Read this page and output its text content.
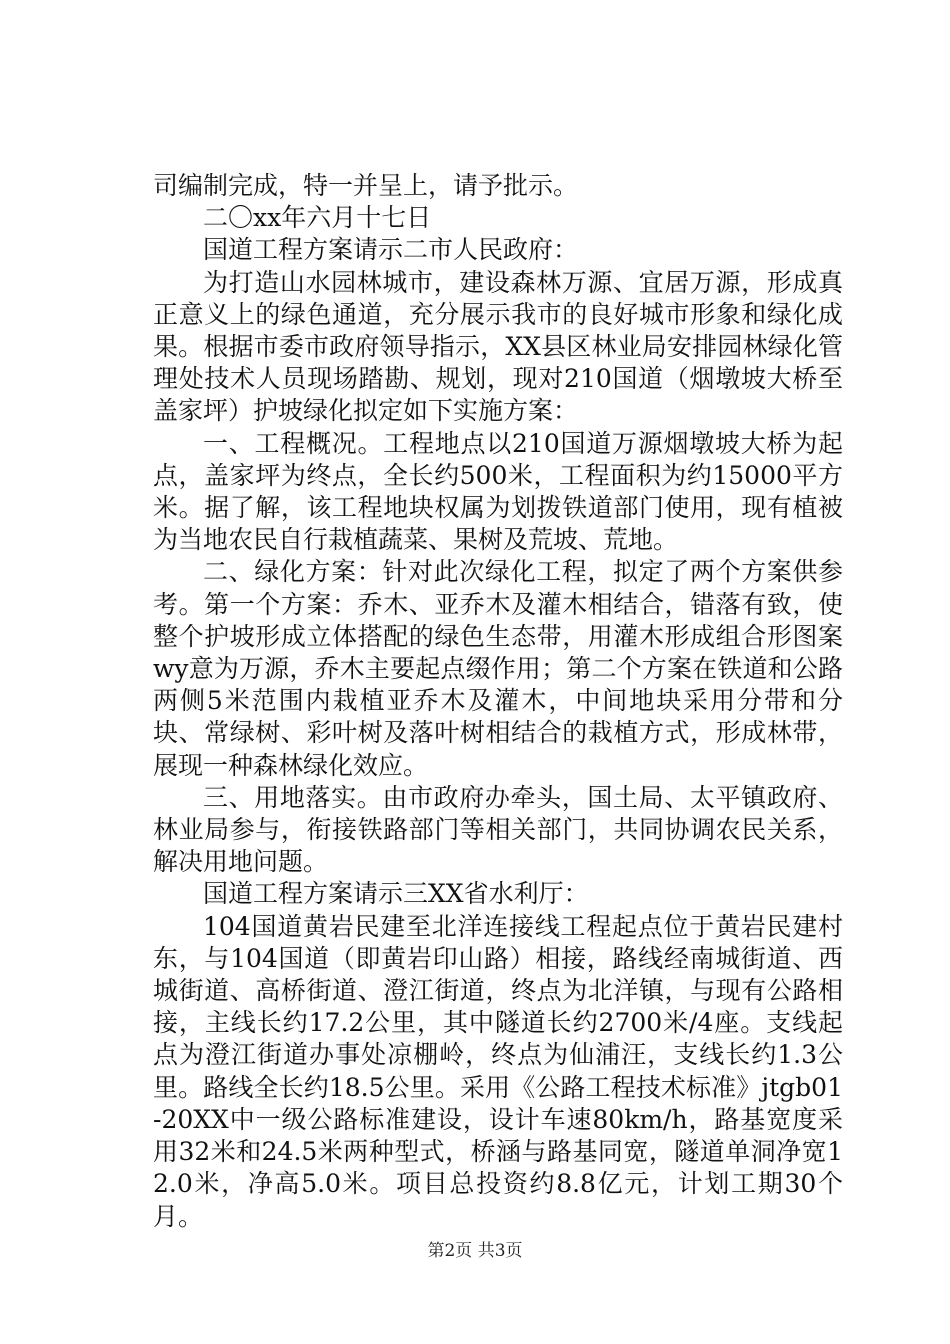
司编制完成，特一并呈上，请予批示。

二〇xx年六月十七日

国道工程方案请示二市人民政府：

为打造山水园林城市，建设森林万源、宜居万源，形成真正意义上的绿色通道，充分展示我市的良好城市形象和绿化成果。根据市委市政府领导指示，XX县区林业局安排园林绿化管理处技术人员现场踏勘、规划，现对210国道（烟墩坡大桥至盖家坪）护坡绿化拟定如下实施方案：

一、工程概况。工程地点以210国道万源烟墩坡大桥为起点，盖家坪为终点，全长约500米，工程面积为约15000平方米。据了解，该工程地块权属为划拨铁道部门使用，现有植被为当地农民自行栽植蔬菜、果树及荒坡、荒地。

二、绿化方案：针对此次绿化工程，拟定了两个方案供参考。第一个方案：乔木、亚乔木及灌木相结合，错落有致，使整个护坡形成立体搭配的绿色生态带，用灌木形成组合形图案wy意为万源，乔木主要起点缀作用；第二个方案在铁道和公路两侧5米范围内栽植亚乔木及灌木，中间地块采用分带和分块、常绿树、彩叶树及落叶树相结合的栽植方式，形成林带，展现一种森林绿化效应。

三、用地落实。由市政府办牵头，国土局、太平镇政府、林业局参与，衔接铁路部门等相关部门，共同协调农民关系，解决用地问题。

国道工程方案请示三XX省水利厅：

104国道黄岩民建至北洋连接线工程起点位于黄岩民建村东，与104国道（即黄岩印山路）相接，路线经南城街道、西城街道、高桥街道、澄江街道，终点为北洋镇，与现有公路相接，主线长约17.2公里，其中隧道长约2700米/4座。支线起点为澄江街道办事处凉棚岭，终点为仙浦汪，支线长约1.3公里。路线全长约18.5公里。采用《公路工程技术标准》jtgb01-20XX中一级公路标准建设，设计车速80km/h，路基宽度采用32米和24.5米两种型式，桥涵与路基同宽，隧道单洞净宽12.0米，净高5.0米。项目总投资约8.8亿元，计划工期30个月。

第2页 共3页
